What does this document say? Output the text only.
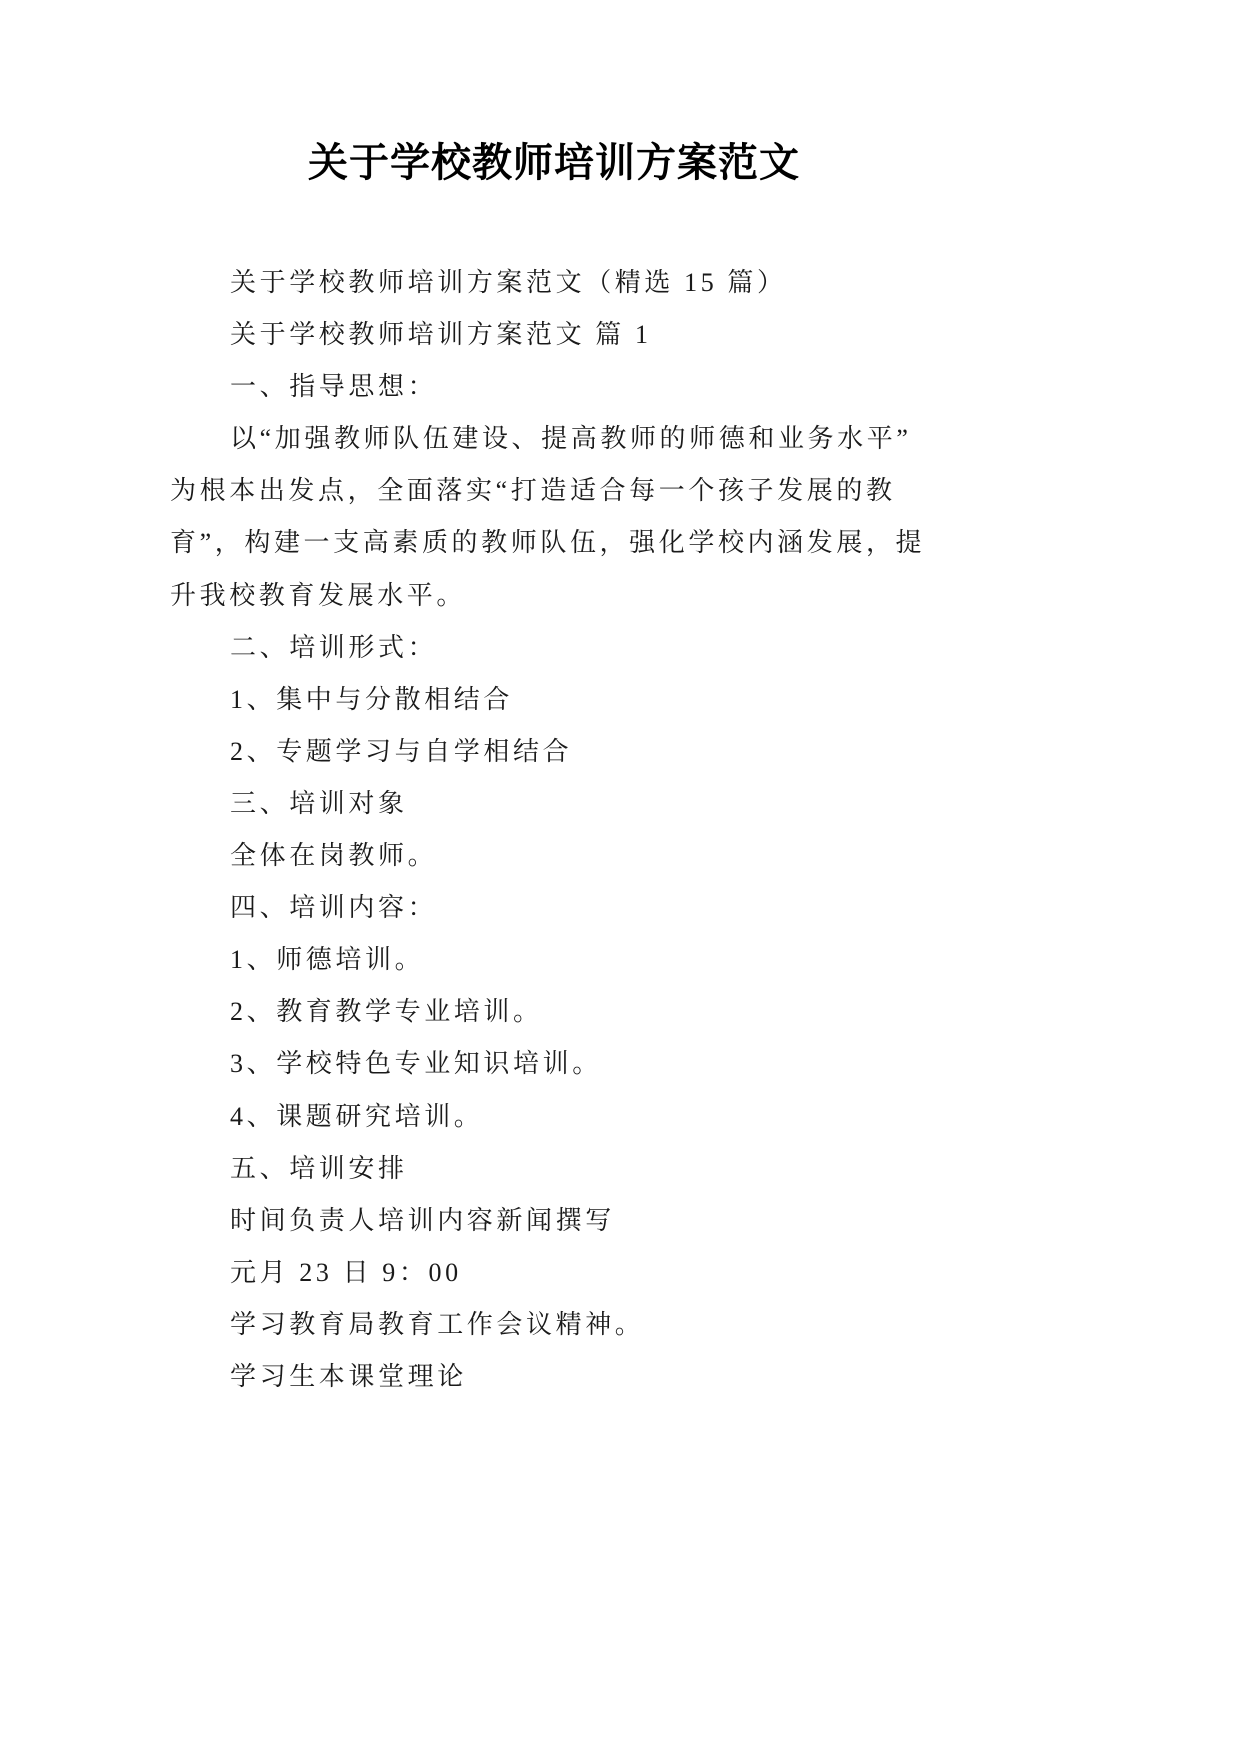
关于学校教师培训方案范文
关于学校教师培训方案范文（精选 15 篇）
关于学校教师培训方案范文 篇 1
一、指导思想：
以“加强教师队伍建设、提高教师的师德和业务水平”
为根本出发点，全面落实“打造适合每一个孩子发展的教
育”，构建一支高素质的教师队伍，强化学校内涵发展，提
升我校教育发展水平。
二、培训形式：
1、集中与分散相结合
2、专题学习与自学相结合
三、培训对象
全体在岗教师。
四、培训内容：
1、师德培训。
2、教育教学专业培训。
3、学校特色专业知识培训。
4、课题研究培训。
五、培训安排
时间负责人培训内容新闻撰写
元月 23 日 9：00
学习教育局教育工作会议精神。
学习生本课堂理论
